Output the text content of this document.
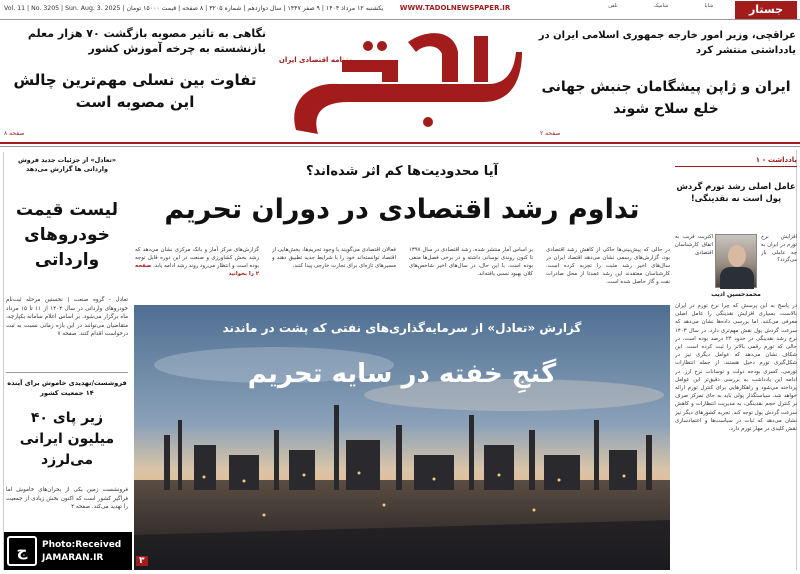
یکشنبه ۱۲ مرداد ۱۴۰۴ | ۹ صفر ۱۴۴۷ | سال دوازدهم | شماره ۳۲۰۵ | ۸ صفحه | قیمت ۱۵۰۰۰ تومان | Vol. 11 | No. 3205 | Sun. Aug. 3. 2025	WWW.TADOLNEWSPAPER.IR	شاپا
شامیک
تلفن	جستار
نگاهی به تاثیر مصوبه بازگشت ۷۰ هزار معلم بازنشسته به چرخه آموزش کشور
تفاوت بین نسلی مهم‌ترین چالش این مصوبه است
صفحه ۸
روزنامه اقتصادی ایران
عراقچی، وزیر امور خارجه جمهوری اسلامی ایران در یادداشتی منتشر کرد
ایران و ژاپن پیشگامان جنبش جهانی خلع سلاح شوند
صفحه ۲
«تعادل» از جزئیات جدید فروش وارداتی ها گزارش می‌دهد
لیست قیمت خودروهای وارداتی
تعادل - گروه صنعت | نخستین مرحله ثبت‌نام خودروهای وارداتی در سال ۱۴۰۴ از ۱۱ تا ۱۵ مرداد ماه برگزار می‌شود. بر اساس اعلام سامانه یکپارچه، متقاضیان می‌توانند در این بازه زمانی نسبت به ثبت درخواست اقدام کنند. صفحه ۷
فروشست/تهدیدی خاموش برای آینده ۱۴ جمعیت کشور
زیر پای ۴۰ میلیون ایرانی می‌لرزد
فرونشست زمین یکی از بحران‌های خاموش اما فراگیر کشور است که اکنون بخش زیادی از جمعیت را تهدید می‌کند. صفحه ۴
ج	Photo:Received
JAMARAN.IR
آیا محدودیت‌ها کم اثر شده‌اند؟
تداوم رشد اقتصادی در دوران تحریم
در حالی که پیش‌بینی‌ها حاکی از کاهش رشد اقتصادی بود، گزارش‌های رسمی نشان می‌دهد اقتصاد ایران در سال‌های اخیر رشد مثبت را تجربه کرده است. کارشناسان معتقدند این رشد عمدتا از محل صادرات نفت و گاز حاصل شده است.
بر اساس آمار منتشر شده، رشد اقتصادی در سال ۱۳۹۷ تا کنون روندی نوسانی داشته و در برخی فصل‌ها منفی بوده است. با این حال، در سال‌های اخیر شاخص‌های کلان بهبود نسبی یافته‌اند.
فعالان اقتصادی می‌گویند با وجود تحریم‌ها، بخش‌هایی از اقتصاد توانسته‌اند خود را با شرایط جدید تطبیق دهند و مسیرهای تازه‌ای برای تجارت خارجی پیدا کنند.
گزارش‌های مرکز آمار و بانک مرکزی نشان می‌دهد که رشد بخش کشاورزی و صنعت در این دوره قابل توجه بوده است و انتظار می‌رود روند رشد ادامه یابد. صفحه ۲ را بخوانید
گزارش «تعادل» از سرمایه‌گذاری‌های نفتی که پشت در ماندند
گنجِ خفته در سایه تحریم
۳
یادداشت - ۱
عامل اصلی رشد تورم گردش پول است نه نقدینگی!
افزایش نرخ تورم در ایران به چه عاملی باز می‌گردد؟
اکثریت قریب به اتفاق کارشناسان اقتصادی
محمدحسین ادیب
در پاسخ به این پرسش که چرا نرخ تورم در ایران بالاست، بسیاری افزایش نقدینگی را عامل اصلی معرفی می‌کنند. اما بررسی داده‌ها نشان می‌دهد که سرعت گردش پول نقش مهم‌تری دارد. در سال ۱۴۰۳ نرخ رشد نقدینگی در حدود ۲۴ درصد بوده است، در حالی که تورم رقمی بالاتر را ثبت کرده است. این شکاف نشان می‌دهد که عوامل دیگری نیز در شکل‌گیری تورم دخیل هستند. از جمله انتظارات تورمی، کسری بودجه دولت و نوسانات نرخ ارز. در ادامه این یادداشت به بررسی دقیق‌تر این عوامل پرداخته می‌شود و راهکارهایی برای کنترل تورم ارائه خواهد شد. سیاستگذار پولی باید به جای تمرکز صرف بر کنترل حجم نقدینگی، به مدیریت انتظارات و کاهش سرعت گردش پول توجه کند. تجربه کشورهای دیگر نیز نشان می‌دهد که ثبات در سیاست‌ها و اعتمادسازی نقش کلیدی در مهار تورم دارد.
